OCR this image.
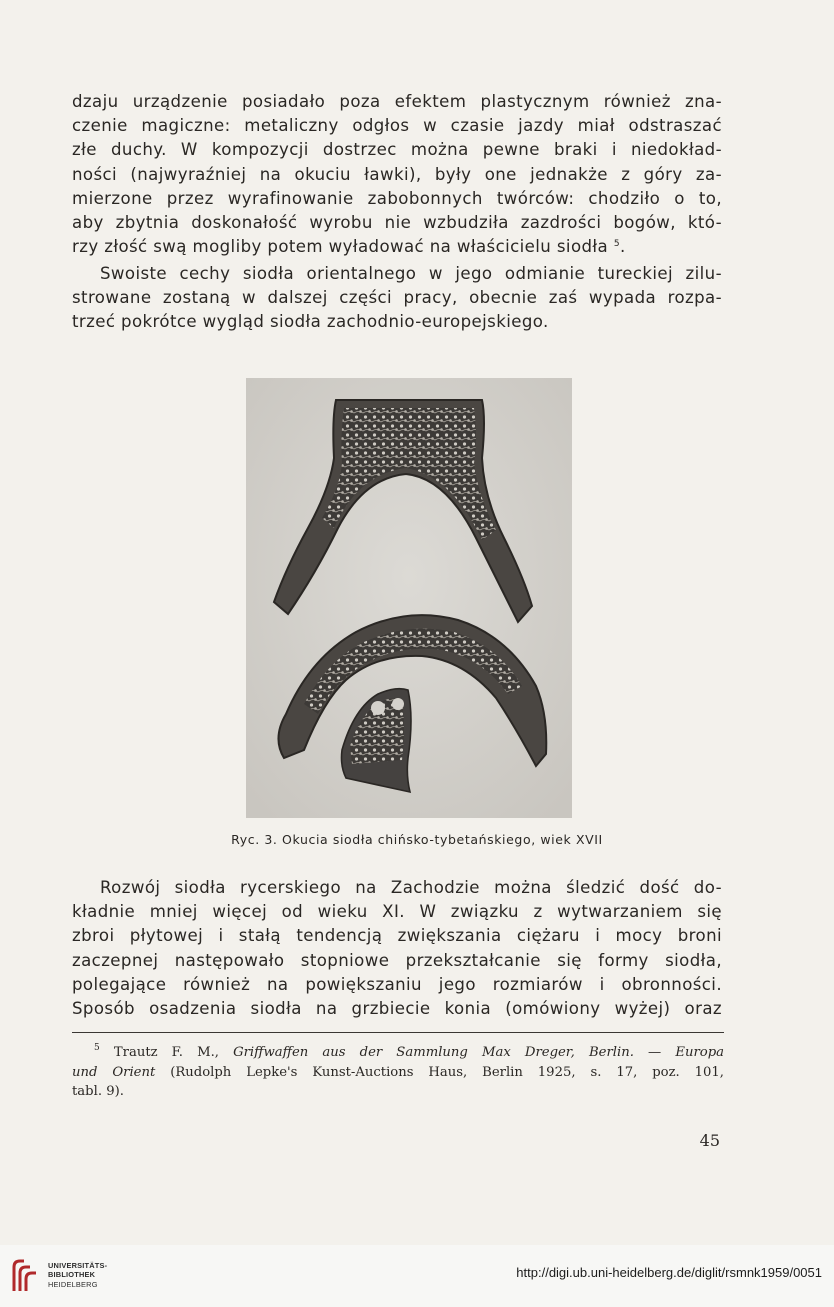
dzaju urządzenie posiadało poza efektem plastycznym również zna-
czenie magiczne: metaliczny odgłos w czasie jazdy miał odstraszać
złe duchy. W kompozycji dostrzec można pewne braki i niedokład-
ności (najwyraźniej na okuciu ławki), były one jednakże z góry za-
mierzone przez wyrafinowanie zabobonnych twórców: chodziło o to,
aby zbytnia doskonałość wyrobu nie wzbudziła zazdrości bogów, któ-
rzy złość swą mogliby potem wyładować na właścicielu siodła $^5$.

Swoiste cechy siodła orientalnego w jego odmianie tureckiej zilu-
strowane zostaną w dalszej części pracy, obecnie zaś wypada rozpa-
trzeć pokrótce wygląd siodła zachodnio-europejskiego.

Ryc. 3. Okucia siodła chińsko-tybetańskiego, wiek XVII

Rozwój siodła rycerskiego na Zachodzie można śledzić dość do-
kładnie mniej więcej od wieku XI. W związku z wytwarzaniem się
zbroi płytowej i stałą tendencją zwiększania ciężaru i mocy broni
zaczepnej następowało stopniowe przekształcanie się formy siodła,
polegające również na powiększaniu jego rozmiarów i obronności.
Sposób osadzenia siodła na grzbiecie konia (omówiony wyżej) oraz

$^5$ Trautz F. M., Griffwaffen aus der Sammlung Max Dreger, Berlin. — Europa
und Orient (Rudolph Lepke's Kunst-Auctions Haus, Berlin 1925, s. 17, poz. 101,
tabl. 9).
45
UNIVERSITÄTS-
BIBLIOTHEK
HEIDELBERG
http://digi.ub.uni-heidelberg.de/diglit/rsmnk1959/0051
